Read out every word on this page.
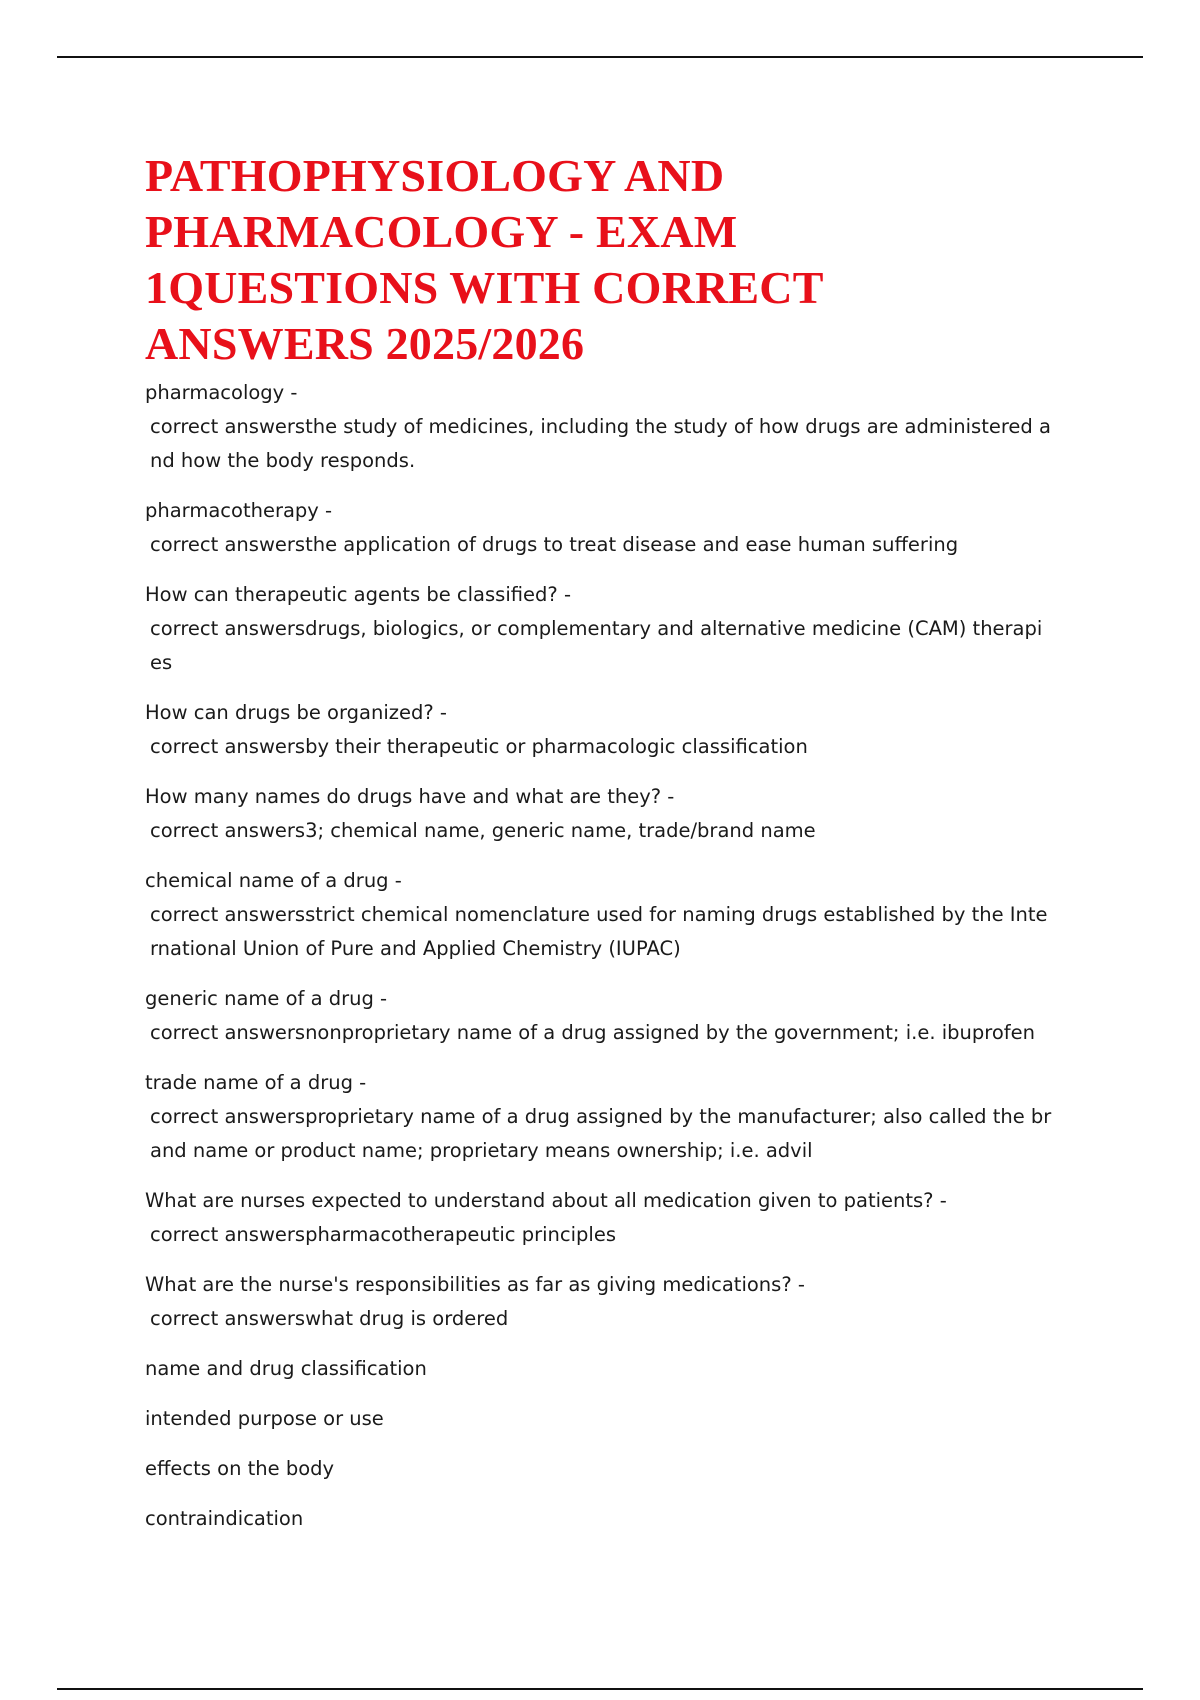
PATHOPHYSIOLOGY AND
PHARMACOLOGY - EXAM
1QUESTIONS WITH CORRECT
ANSWERS 2025/2026
pharmacology -
correct answersthe study of medicines, including the study of how drugs are administered a nd how the body responds.
pharmacotherapy -
correct answersthe application of drugs to treat disease and ease human suffering
How can therapeutic agents be classified? -
correct answersdrugs, biologics, or complementary and alternative medicine (CAM) therapi es
How can drugs be organized? -
correct answersby their therapeutic or pharmacologic classification
How many names do drugs have and what are they? -
correct answers3; chemical name, generic name, trade/brand name
chemical name of a drug -
correct answersstrict chemical nomenclature used for naming drugs established by the Inte rnational Union of Pure and Applied Chemistry (IUPAC)
generic name of a drug -
correct answersnonproprietary name of a drug assigned by the government; i.e. ibuprofen
trade name of a drug -
correct answersproprietary name of a drug assigned by the manufacturer; also called the br and name or product name; proprietary means ownership; i.e. advil
What are nurses expected to understand about all medication given to patients? -
correct answerspharmacotherapeutic principles
What are the nurse's responsibilities as far as giving medications? -
correct answerswhat drug is ordered
name and drug classification
intended purpose or use
effects on the body
contraindication
